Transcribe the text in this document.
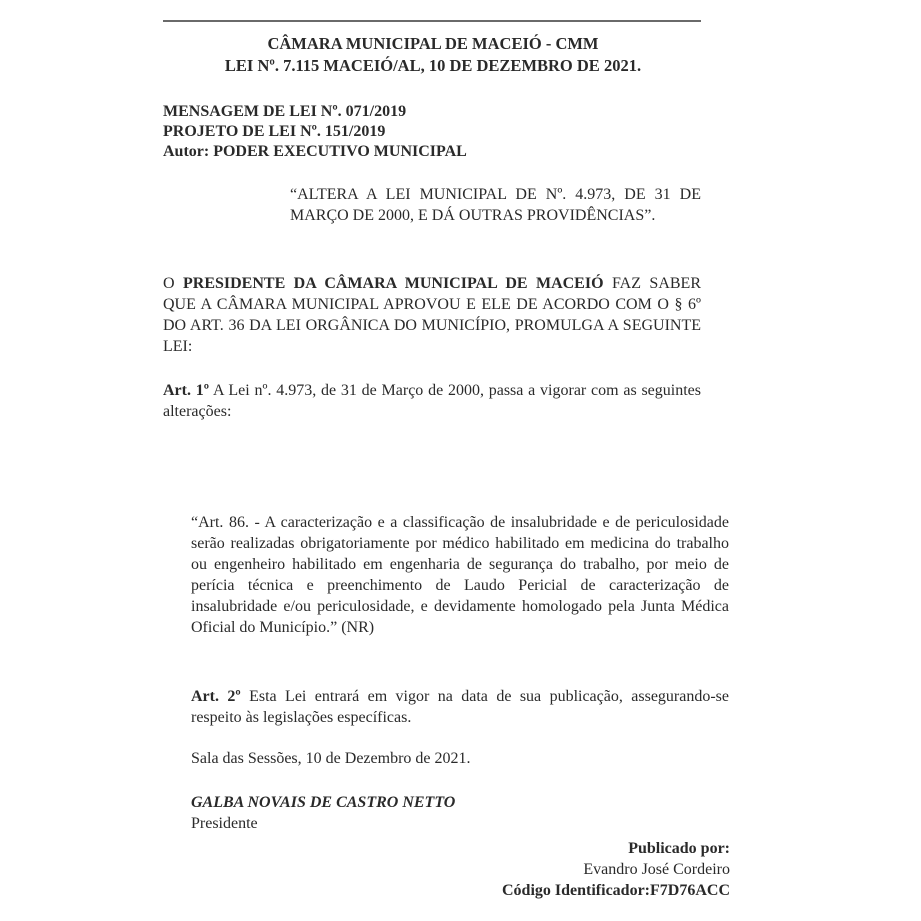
CÂMARA MUNICIPAL DE MACEIÓ - CMM
LEI Nº. 7.115 MACEIÓ/AL, 10 DE DEZEMBRO DE 2021.
MENSAGEM DE LEI Nº. 071/2019
PROJETO DE LEI Nº. 151/2019
Autor: PODER EXECUTIVO MUNICIPAL

“ALTERA A LEI MUNICIPAL DE Nº. 4.973, DE 31 DE MARÇO DE 2000, E DÁ OUTRAS PROVIDÊNCIAS”.

O PRESIDENTE DA CÂMARA MUNICIPAL DE MACEIÓ FAZ SABER QUE A CÂMARA MUNICIPAL APROVOU E ELE DE ACORDO COM O § 6º DO ART. 36 DA LEI ORGÂNICA DO MUNICÍPIO, PROMULGA A SEGUINTE LEI:

Art. 1º A Lei nº. 4.973, de 31 de Março de 2000, passa a vigorar com as seguintes alterações:

“Art. 86. - A caracterização e a classificação de insalubridade e de periculosidade serão realizadas obrigatoriamente por médico habilitado em medicina do trabalho ou engenheiro habilitado em engenharia de segurança do trabalho, por meio de perícia técnica e preenchimento de Laudo Pericial de caracterização de insalubridade e/ou periculosidade, e devidamente homologado pela Junta Médica Oficial do Município.” (NR)

Art. 2º Esta Lei entrará em vigor na data de sua publicação, assegurando-se respeito às legislações específicas.

Sala das Sessões, 10 de Dezembro de 2021.

GALBA NOVAIS DE CASTRO NETTO
Presidente
Publicado por:
Evandro José Cordeiro
Código Identificador:F7D76ACC
